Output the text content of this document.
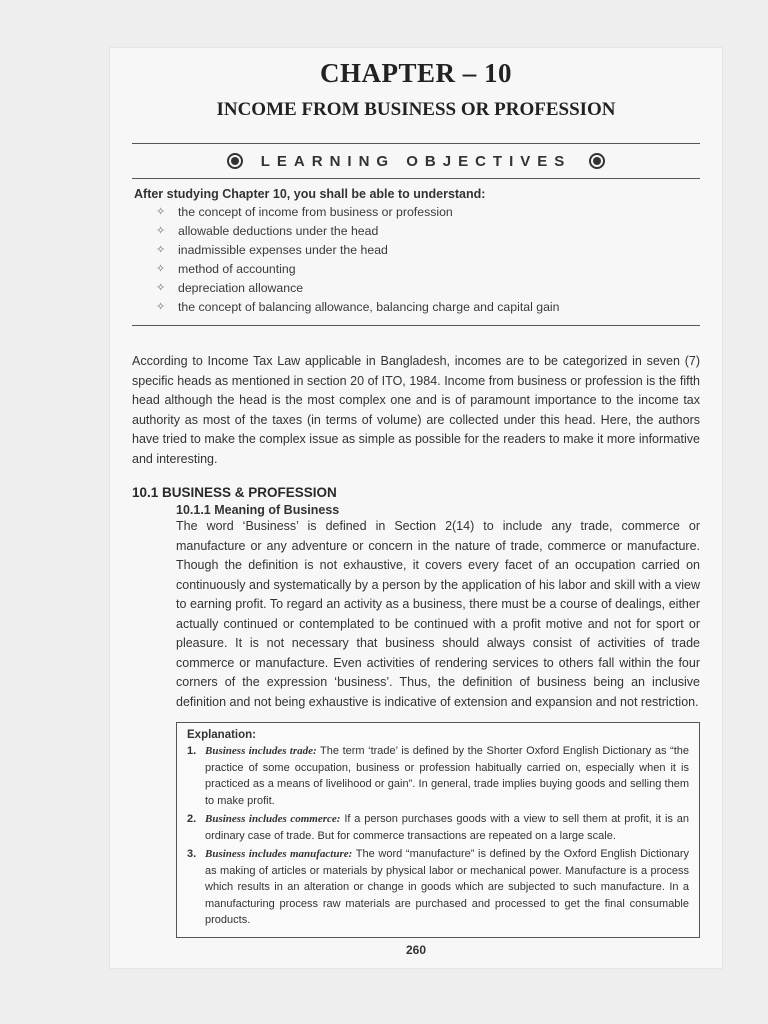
CHAPTER – 10
INCOME FROM BUSINESS OR PROFESSION
LEARNING OBJECTIVES

After studying Chapter 10, you shall be able to understand:

✧	the concept of income from business or profession
✧	allowable deductions under the head
✧	inadmissible expenses under the head
✧	method of accounting
✧	depreciation allowance
✧	the concept of balancing allowance, balancing charge and capital gain

According to Income Tax Law applicable in Bangladesh, incomes are to be categorized in seven (7) specific heads as mentioned in section 20 of ITO, 1984. Income from business or profession is the fifth head although the head is the most complex one and is of paramount importance to the income tax authority as most of the taxes (in terms of volume) are collected under this head. Here, the authors have tried to make the complex issue as simple as possible for the readers to make it more informative and interesting.

10.1 BUSINESS & PROFESSION
10.1.1 Meaning of Business

The word ‘Business’ is defined in Section 2(14) to include any trade, commerce or manufacture or any adventure or concern in the nature of trade, commerce or manufacture. Though the definition is not exhaustive, it covers every facet of an occupation carried on continuously and systematically by a person by the application of his labor and skill with a view to earning profit. To regard an activity as a business, there must be a course of dealings, either actually continued or contemplated to be continued with a profit motive and not for sport or pleasure. It is not necessary that business should always consist of activities of trade commerce or manufacture. Even activities of rendering services to others fall within the four corners of the expression ‘business’. Thus, the definition of business being an inclusive definition and not being exhaustive is indicative of extension and expansion and not restriction.

Explanation:

1. Business includes trade: The term ‘trade’ is defined by the Shorter Oxford English Dictionary as “the practice of some occupation, business or profession habitually carried on, especially when it is practiced as a means of livelihood or gain”. In general, trade implies buying goods and selling them to make profit.
2. Business includes commerce: If a person purchases goods with a view to sell them at profit, it is an ordinary case of trade. But for commerce transactions are repeated on a large scale.
3. Business includes manufacture: The word “manufacture” is defined by the Oxford English Dictionary as making of articles or materials by physical labor or mechanical power. Manufacture is a process which results in an alteration or change in goods which are subjected to such manufacture. In a manufacturing process raw materials are purchased and processed to get the final consumable products.
260
